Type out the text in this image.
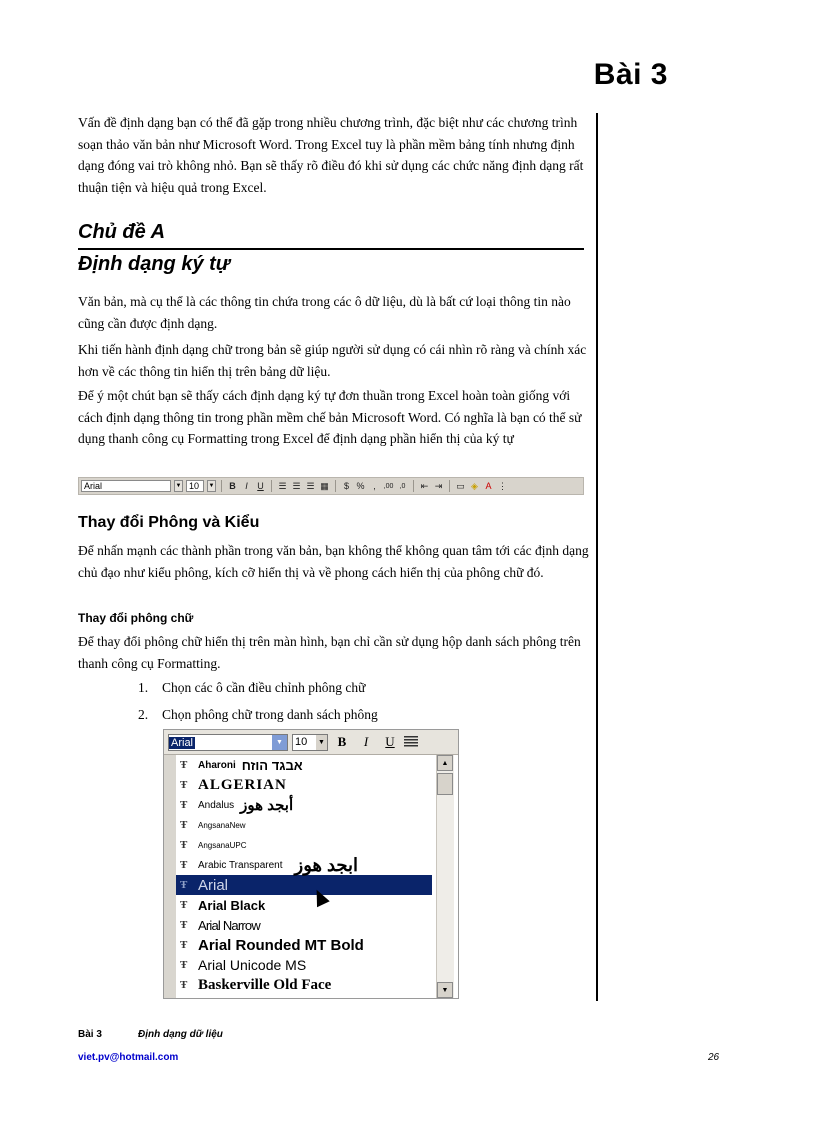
Bài 3

Vấn đề định dạng bạn có thể đã gặp trong nhiều chương trình, đặc biệt như các chương trình soạn thảo văn bản như Microsoft Word. Trong Excel tuy là phần mềm bảng tính nhưng định dạng đóng vai trò không nhỏ. Bạn sẽ thấy rõ điều đó khi sử dụng các chức năng định dạng rất thuận tiện và hiệu quả trong Excel.

Chủ đề A
Định dạng ký tự

Văn bản, mà cụ thể là các thông tin chứa trong các ô dữ liệu, dù là bất cứ loại thông tin nào cũng cần được định dạng.

Khi tiến hành định dạng chữ trong bản sẽ giúp người sử dụng có cái nhìn rõ ràng và chính xác hơn về các thông tin hiển thị trên bảng dữ liệu.

Để ý một chút bạn sẽ thấy cách định dạng ký tự đơn thuần trong Excel hoàn toàn giống với cách định dạng thông tin trong phần mềm chế bản Microsoft Word. Có nghĩa là bạn có thể sử dụng thanh công cụ Formatting trong Excel để định dạng phần hiển thị của ký tự

Arial	▼ 10 ▼ B	I	U ☰ ☰ ☰ ▦	$ % ,	,00 ,0 ⇤ ⇥ ▭ ◈ A ⋮
Thay đổi Phông và Kiểu

Để nhấn mạnh các thành phần trong văn bản, bạn không thể không quan tâm tới các định dạng chủ đạo như kiểu phông, kích cỡ hiển thị và về phong cách hiển thị của phông chữ đó.

Thay đổi phông chữ

Để thay đổi phông chữ hiển thị trên màn hình, bạn chỉ cần sử dụng hộp danh sách phông trên thanh công cụ Formatting.

1. Chọn các ô cần điều chỉnh phông chữ
2. Chọn phông chữ trong danh sách phông
Arial	▼	10 ▼ B	I	U
Ŧ	Aharoni אבגד הוזח
Ŧ ALGERIAN
Ŧ	Andalus أبجد هوز
Ŧ	AngsanaNew
Ŧ	AngsanaUPC
Ŧ	Arabic Transparent ابجد هوز
Ŧ Arial
Ŧ Arial Black
Ŧ Arial Narrow
Ŧ Arial Rounded MT Bold
Ŧ Arial Unicode MS
Ŧ Baskerville Old Face
▲
▼
Bài 3	Định dạng dữ liệu
viet.pv@hotmail.com	26
